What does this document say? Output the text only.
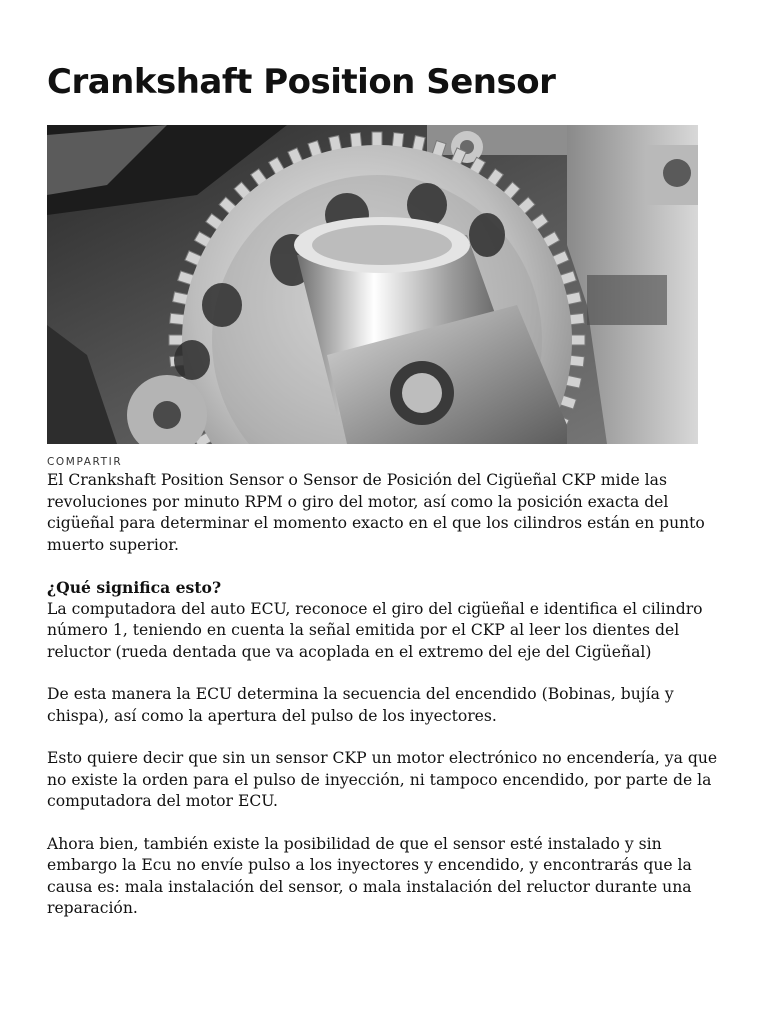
Crankshaft Position Sensor
COMPARTIR

El Crankshaft Position Sensor o Sensor de Posición del Cigüeñal CKP mide las revoluciones por minuto RPM o giro del motor, así como la posición exacta del cigüeñal para determinar el momento exacto en el que los cilindros están en punto muerto superior.

¿Qué significa esto?
La computadora del auto ECU, reconoce el giro del cigüeñal e identifica el cilindro número 1, teniendo en cuenta la señal emitida por el CKP al leer los dientes del reluctor (rueda dentada que va acoplada en el extremo del eje del Cigüeñal)

De esta manera la ECU determina la secuencia del encendido (Bobinas, bujía y chispa), así como la apertura del pulso de los inyectores.

Esto quiere decir que sin un sensor CKP un motor electrónico no encendería, ya que no existe la orden para el pulso de inyección, ni tampoco encendido, por parte de la computadora del motor ECU.

Ahora bien, también existe la posibilidad de que el sensor esté instalado y sin embargo la Ecu no envíe pulso a los inyectores y encendido, y encontrarás que la causa es: mala instalación del sensor, o mala instalación del reluctor durante una reparación.
